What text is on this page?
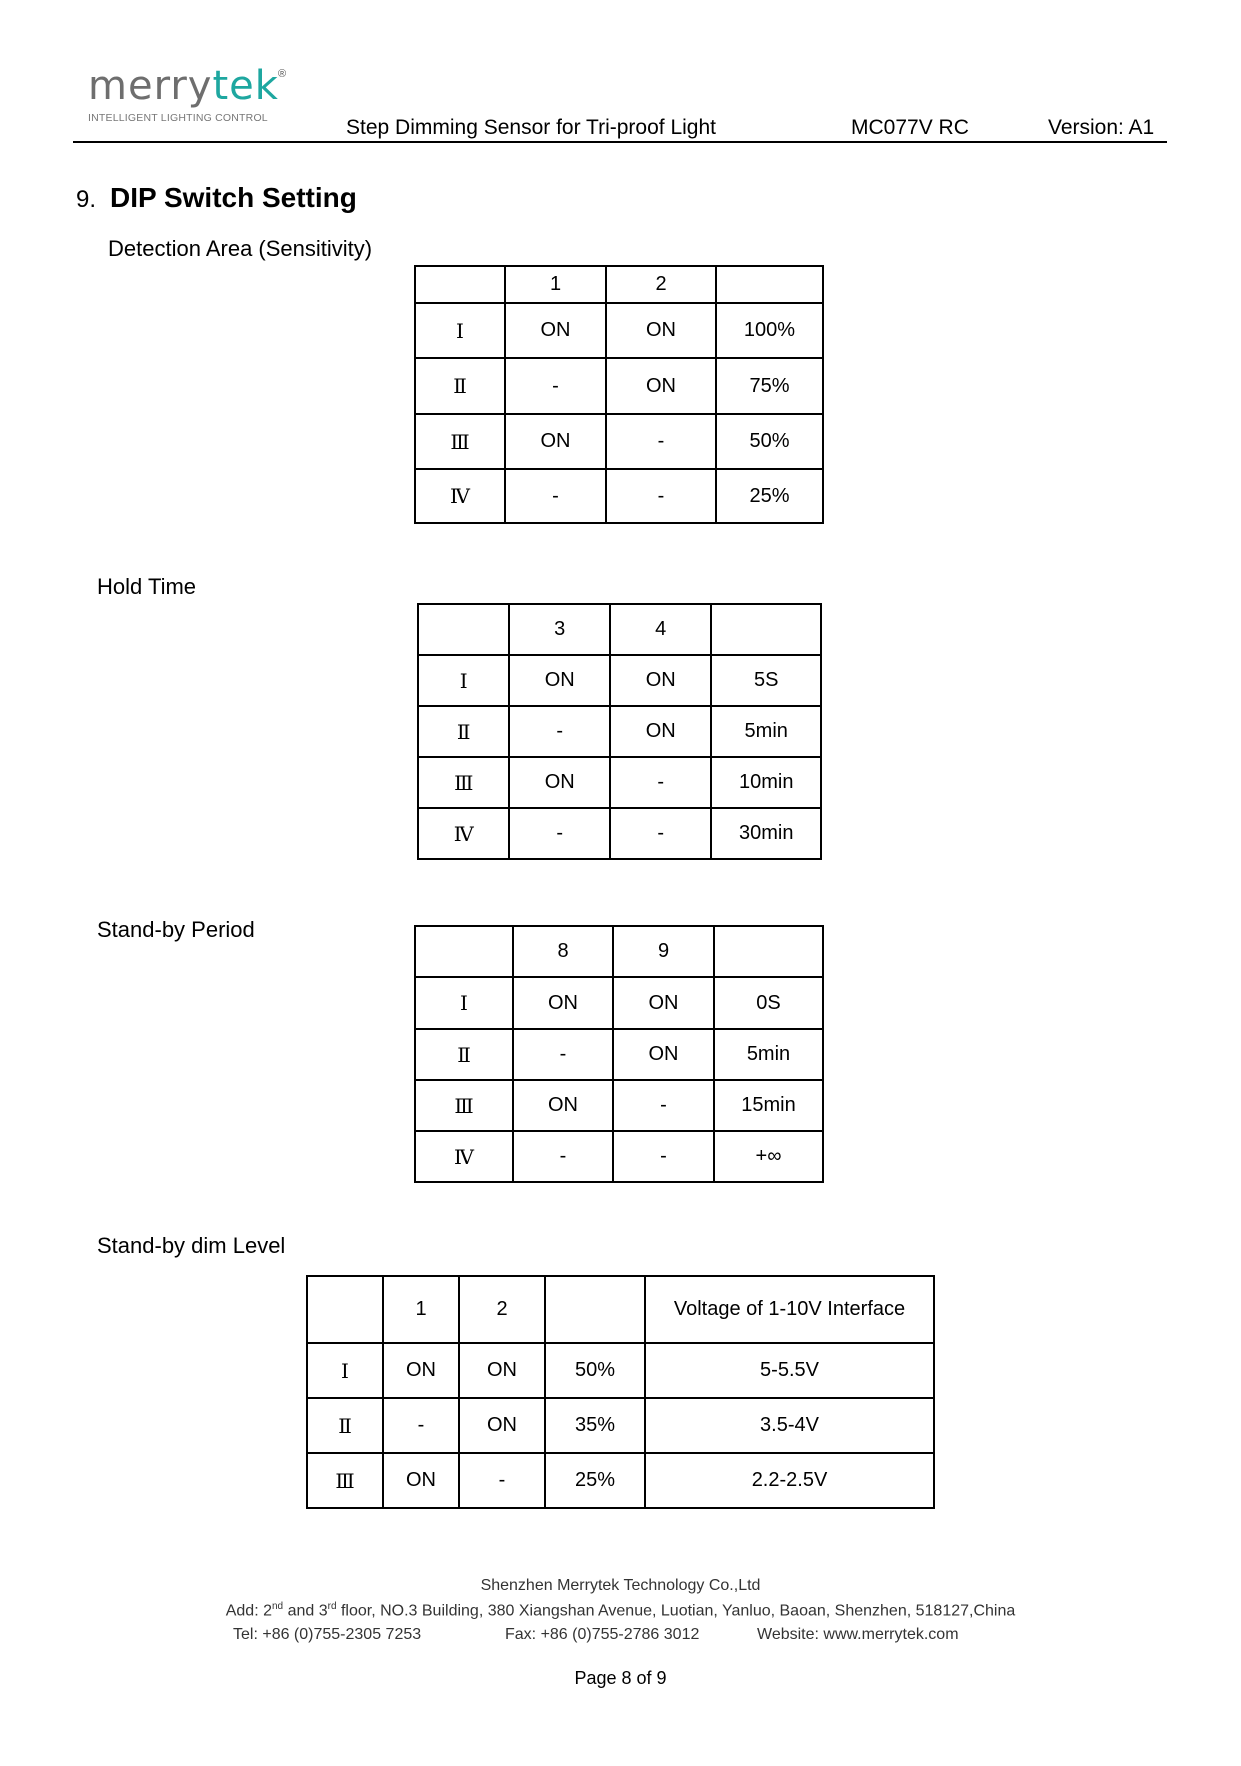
merrytek ®
INTELLIGENT LIGHTING CONTROL	Step Dimming Sensor for Tri-proof Light	MC077V RC	Version: A1
9. DIP Switch Setting
Detection Area (Sensitivity)
	1	2	
Ⅰ	ON	ON	100%
Ⅱ	-	ON	75%
Ⅲ	ON	-	50%
Ⅳ	-	-	25%
Hold Time
	3	4	
Ⅰ	ON	ON	5S
Ⅱ	-	ON	5min
Ⅲ	ON	-	10min
Ⅳ	-	-	30min
Stand-by Period
	8	9	
Ⅰ	ON	ON	0S
Ⅱ	-	ON	5min
Ⅲ	ON	-	15min
Ⅳ	-	-	+∞
Stand-by dim Level
	1	2		Voltage of 1-10V Interface
Ⅰ	ON	ON	50%	5-5.5V
Ⅱ	-	ON	35%	3.5-4V
Ⅲ	ON	-	25%	2.2-2.5V
Shenzhen Merrytek Technology Co.,Ltd
Add: 2nd and 3rd floor, NO.3 Building, 380 Xiangshan Avenue, Luotian, Yanluo, Baoan, Shenzhen, 518127,China
Tel: +86 (0)755-2305 7253	Fax: +86 (0)755-2786 3012	Website: www.merrytek.com
Page 8 of 9
